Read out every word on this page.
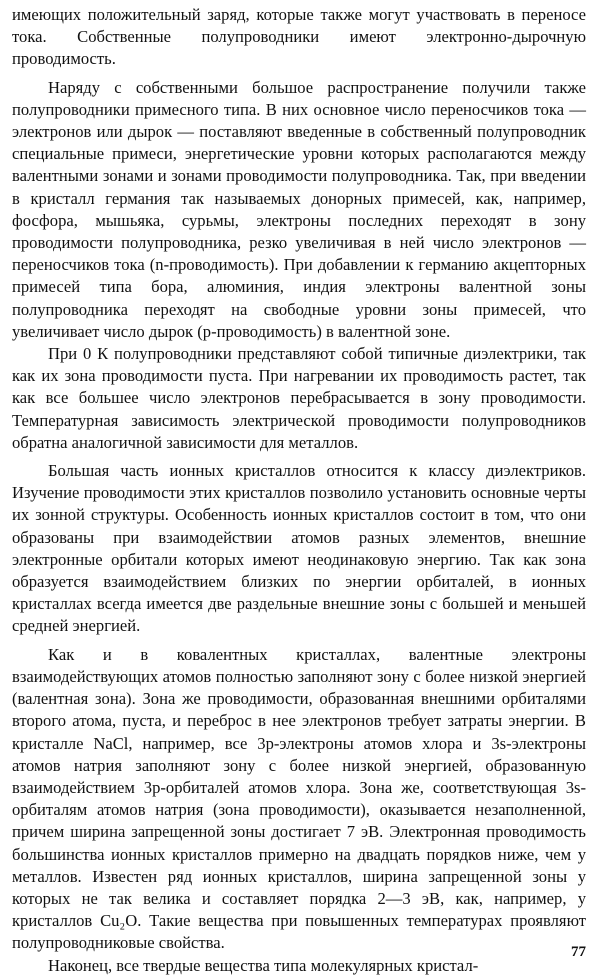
имеющих положительный заряд, которые также могут участвовать в переносе тока. Собственные полупроводники имеют электронно-дырочную проводимость.

Наряду с собственными большое распространение получили также полупроводники примесного типа. В них основное число переносчиков тока — электронов или дырок — поставляют введенные в собственный полупроводник специальные примеси, энергетические уровни которых располагаются между валентными зонами и зонами проводимости полупроводника. Так, при введении в кристалл германия так называемых донорных примесей, как, например, фосфора, мышьяка, сурьмы, электроны последних переходят в зону проводимости полупроводника, резко увеличивая в ней число электронов — переносчиков тока (n-проводимость). При добавлении к германию акцепторных примесей типа бора, алюминия, индия электроны валентной зоны полупроводника переходят на свободные уровни зоны примесей, что увеличивает число дырок (p-проводимость) в валентной зоне.

При 0 К полупроводники представляют собой типичные диэлектрики, так как их зона проводимости пуста. При нагревании их проводимость растет, так как все большее число электронов перебрасывается в зону проводимости. Температурная зависимость электрической проводимости полупроводников обратна аналогичной зависимости для металлов.

Большая часть ионных кристаллов относится к классу диэлектриков. Изучение проводимости этих кристаллов позволило установить основные черты их зонной структуры. Особенность ионных кристаллов состоит в том, что они образованы при взаимодействии атомов разных элементов, внешние электронные орбитали которых имеют неодинаковую энергию. Так как зона образуется взаимодействием близких по энергии орбиталей, в ионных кристаллах всегда имеется две раздельные внешние зоны с большей и меньшей средней энергией.

Как и в ковалентных кристаллах, валентные электроны взаимодействующих атомов полностью заполняют зону с более низкой энергией (валентная зона). Зона же проводимости, образованная внешними орбиталями второго атома, пуста, и переброс в нее электронов требует затраты энергии. В кристалле NaCl, например, все 3p-электроны атомов хлора и 3s-электроны атомов натрия заполняют зону с более низкой энергией, образованную взаимодействием 3p-орбиталей атомов хлора. Зона же, соответствующая 3s-орбиталям атомов натрия (зона проводимости), оказывается незаполненной, причем ширина запрещенной зоны достигает 7 эВ. Электронная проводимость большинства ионных кристаллов примерно на двадцать порядков ниже, чем у металлов. Известен ряд ионных кристаллов, ширина запрещенной зоны у которых не так велика и составляет порядка 2—3 эВ, как, например, у кристаллов Cu₂O. Такие вещества при повышенных температурах проявляют полупроводниковые свойства.

Наконец, все твердые вещества типа молекулярных кристал-

77
